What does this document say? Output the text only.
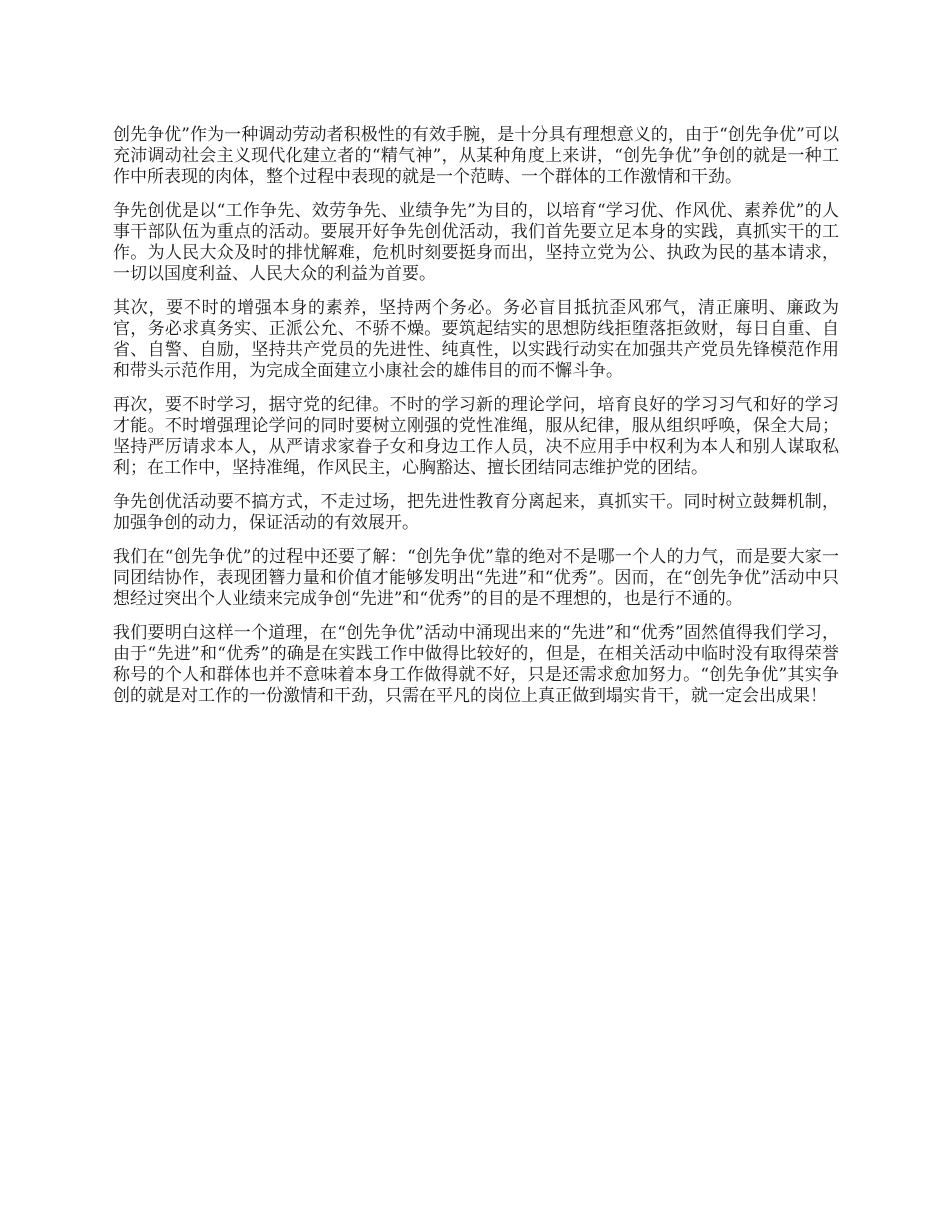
创先争优”作为一种调动劳动者积极性的有效手腕，是十分具有理想意义的，由于“创先争优”可以充沛调动社会主义现代化建立者的“精气神”，从某种角度上来讲，“创先争优”争创的就是一种工作中所表现的肉体，整个过程中表现的就是一个范畴、一个群体的工作激情和干劲。

争先创优是以“工作争先、效劳争先、业绩争先”为目的，以培育“学习优、作风优、素养优”的人事干部队伍为重点的活动。要展开好争先创优活动，我们首先要立足本身的实践，真抓实干的工作。为人民大众及时的排忧解难，危机时刻要挺身而出，坚持立党为公、执政为民的基本请求，一切以国度利益、人民大众的利益为首要。

其次，要不时的增强本身的素养，坚持两个务必。务必盲目抵抗歪风邪气，清正廉明、廉政为官，务必求真务实、正派公允、不骄不燥。要筑起结实的思想防线拒堕落拒敛财，每日自重、自省、自警、自励，坚持共产党员的先进性、纯真性，以实践行动实在加强共产党员先锋模范作用和带头示范作用，为完成全面建立小康社会的雄伟目的而不懈斗争。

再次，要不时学习，据守党的纪律。不时的学习新的理论学问，培育良好的学习习气和好的学习才能。不时增强理论学问的同时要树立刚强的党性准绳，服从纪律，服从组织呼唤，保全大局；坚持严厉请求本人，从严请求家眷子女和身边工作人员，决不应用手中权利为本人和别人谋取私利；在工作中，坚持准绳，作风民主，心胸豁达、擅长团结同志维护党的团结。

争先创优活动要不搞方式，不走过场，把先进性教育分离起来，真抓实干。同时树立鼓舞机制，加强争创的动力，保证活动的有效展开。

我们在“创先争优”的过程中还要了解：“创先争优”靠的绝对不是哪一个人的力气，而是要大家一同团结协作，表现团簪力量和价值才能够发明出“先进”和“优秀”。因而，在“创先争优”活动中只想经过突出个人业绩来完成争创“先进”和“优秀”的目的是不理想的，也是行不通的。

我们要明白这样一个道理，在“创先争优”活动中涌现出来的“先进”和“优秀”固然值得我们学习，由于“先进”和“优秀”的确是在实践工作中做得比较好的，但是，在相关活动中临时没有取得荣誉称号的个人和群体也并不意味着本身工作做得就不好，只是还需求愈加努力。“创先争优”其实争创的就是对工作的一份激情和干劲，只需在平凡的岗位上真正做到塌实肯干，就一定会出成果！
